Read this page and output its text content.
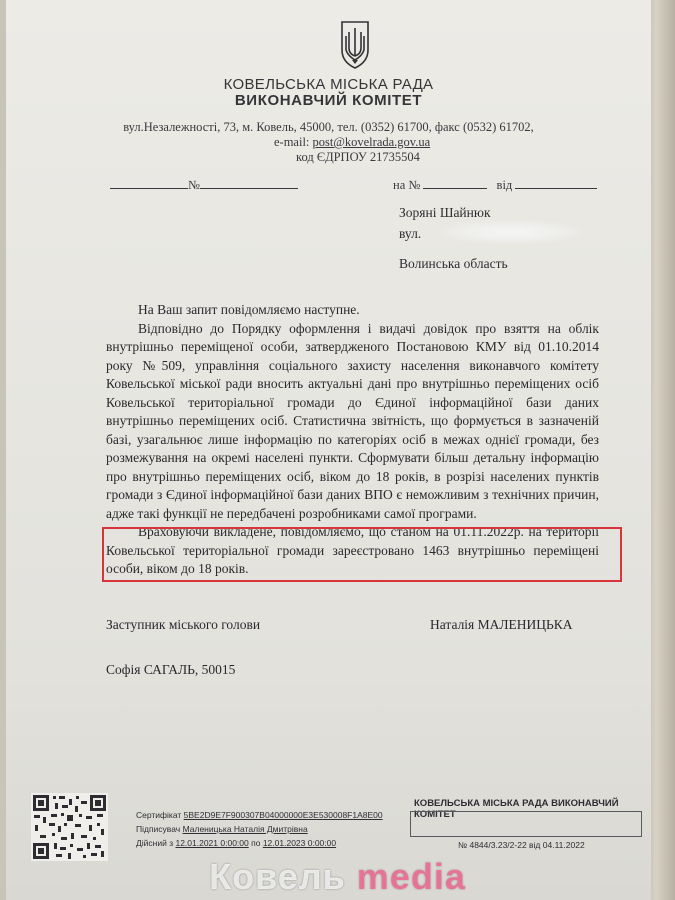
КОВЕЛЬСЬКА МІСЬКА РАДА
ВИКОНАВЧИЙ КОМІТЕТ
вул.Незалежності, 73, м. Ковель, 45000, тел. (0352) 61700, факс (0532) 61702,
e-mail: post@kovelrada.gov.ua
код ЄДРПОУ 21735504
№	на №	від
Зоряні Шайнюк
вул.
Волинська область
На Ваш запит повідомляємо наступне.
Відповідно до Порядку оформлення і видачі довідок про взяття на облік внутрішньо переміщеної особи, затвердженого Постановою КМУ від 01.10.2014 року №509, управління соціального захисту населення виконавчого комітету Ковельської міської ради вносить актуальні дані про внутрішньо переміщених осіб Ковельської територіальної громади до Єдиної інформаційної бази даних внутрішньо переміщених осіб. Статистична звітність, що формується в зазначеній базі, узагальнює лише інформацію по категоріях осіб в межах однієї громади, без розмежування на окремі населені пункти. Сформувати більш детальну інформацію про внутрішньо переміщених осіб, віком до 18 років, в розрізі населених пунктів громади з Єдиної інформаційної бази даних ВПО є неможливим з технічних причин, адже такі функції не передбачені розробниками самої програми.
Враховуючи викладене, повідомляємо, що станом на 01.11.2022р. на території Ковельської територіальної громади зареєстровано 1463 внутрішньо переміщені особи, віком до 18 років.
Заступник міського голови	Наталія МАЛЕНИЦЬКА
Софія САГАЛЬ, 50015
Сертифікат 5BE2D9E7F900307B04000000E3E530008F1A8E00
Підписувач Маленицька Наталія Дмитрівна
Дійсний з 12.01.2021 0:00:00 по 12.01.2023 0:00:00
КОВЕЛЬСЬКА МІСЬКА РАДА ВИКОНАВЧИЙ КОМІТЕТ
№ 4844/3.23/2-22 від 04.11.2022
Ковель media
